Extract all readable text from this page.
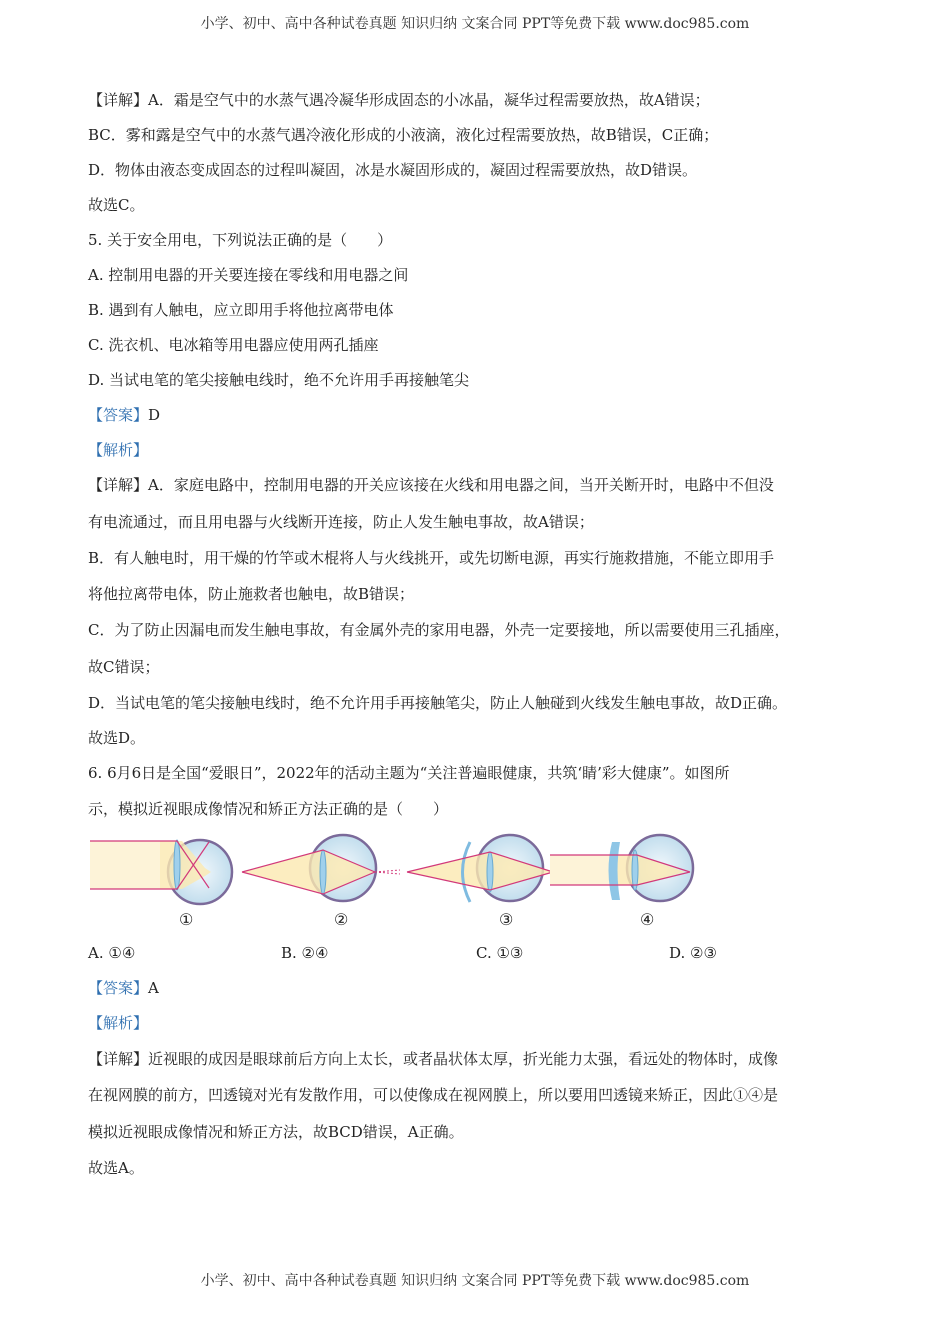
小学、初中、高中各种试卷真题 知识归纳 文案合同 PPT等免费下载 www.doc985.com
【详解】A．霜是空气中的水蒸气遇冷凝华形成固态的小冰晶，凝华过程需要放热，故A错误；
BC．雾和露是空气中的水蒸气遇冷液化形成的小液滴，液化过程需要放热，故B错误，C正确；
D．物体由液态变成固态的过程叫凝固，冰是水凝固形成的，凝固过程需要放热，故D错误。
故选C。
5. 关于安全用电，下列说法正确的是（　　）
A. 控制用电器的开关要连接在零线和用电器之间
B. 遇到有人触电，应立即用手将他拉离带电体
C. 洗衣机、电冰箱等用电器应使用两孔插座
D. 当试电笔的笔尖接触电线时，绝不允许用手再接触笔尖
【答案】D
【解析】
【详解】A．家庭电路中，控制用电器的开关应该接在火线和用电器之间，当开关断开时，电路中不但没
有电流通过，而且用电器与火线断开连接，防止人发生触电事故，故A错误；
B．有人触电时，用干燥的竹竿或木棍将人与火线挑开，或先切断电源，再实行施救措施，不能立即用手
将他拉离带电体，防止施救者也触电，故B错误；
C．为了防止因漏电而发生触电事故，有金属外壳的家用电器，外壳一定要接地，所以需要使用三孔插座，
故C错误；
D．当试电笔的笔尖接触电线时，绝不允许用手再接触笔尖，防止人触碰到火线发生触电事故，故D正确。
故选D。
6. 6月6日是全国“爱眼日”，2022年的活动主题为“关注普遍眼健康，共筑‘睛’彩大健康”。如图所
示，模拟近视眼成像情况和矫正方法正确的是（　　）
①	②	③	④
A. ①④	B. ②④	C. ①③	D. ②③
【答案】A
【解析】
【详解】近视眼的成因是眼球前后方向上太长，或者晶状体太厚，折光能力太强，看远处的物体时，成像
在视网膜的前方，凹透镜对光有发散作用，可以使像成在视网膜上，所以要用凹透镜来矫正，因此①④是
模拟近视眼成像情况和矫正方法，故BCD错误，A正确。
故选A。
小学、初中、高中各种试卷真题 知识归纳 文案合同 PPT等免费下载 www.doc985.com
